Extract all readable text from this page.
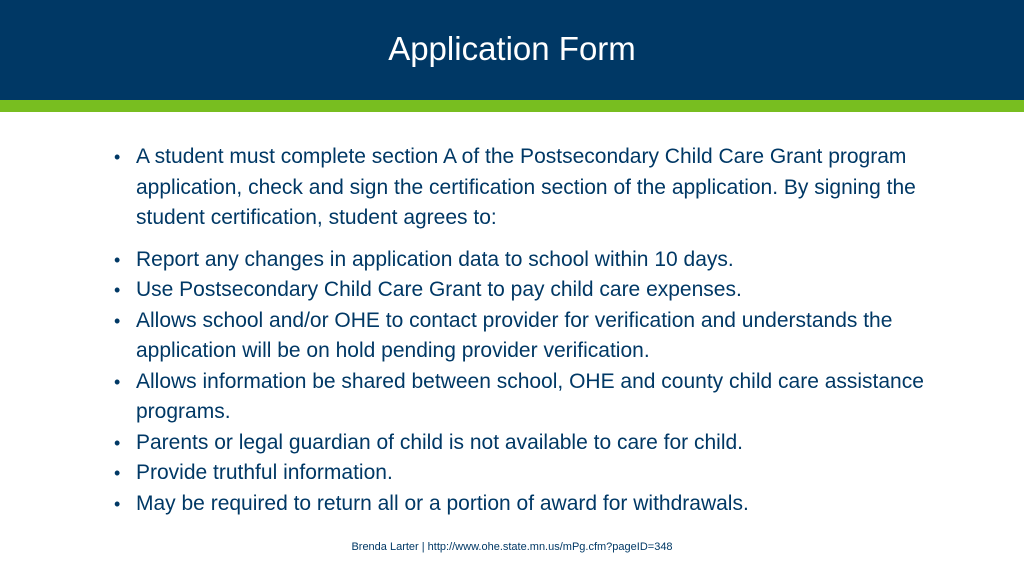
Application Form
• A student must complete section A of the Postsecondary Child Care Grant program application, check and sign the certification section of the application. By signing the student certification, student agrees to:
• Report any changes in application data to school within 10 days.
• Use Postsecondary Child Care Grant to pay child care expenses.
• Allows school and/or OHE to contact provider for verification and understands the application will be on hold pending provider verification.
• Allows information be shared between school, OHE and county child care assistance programs.
• Parents or legal guardian of child is not available to care for child.
• Provide truthful information.
• May be required to return all or a portion of award for withdrawals.
Brenda Larter | http://www.ohe.state.mn.us/mPg.cfm?pageID=348
